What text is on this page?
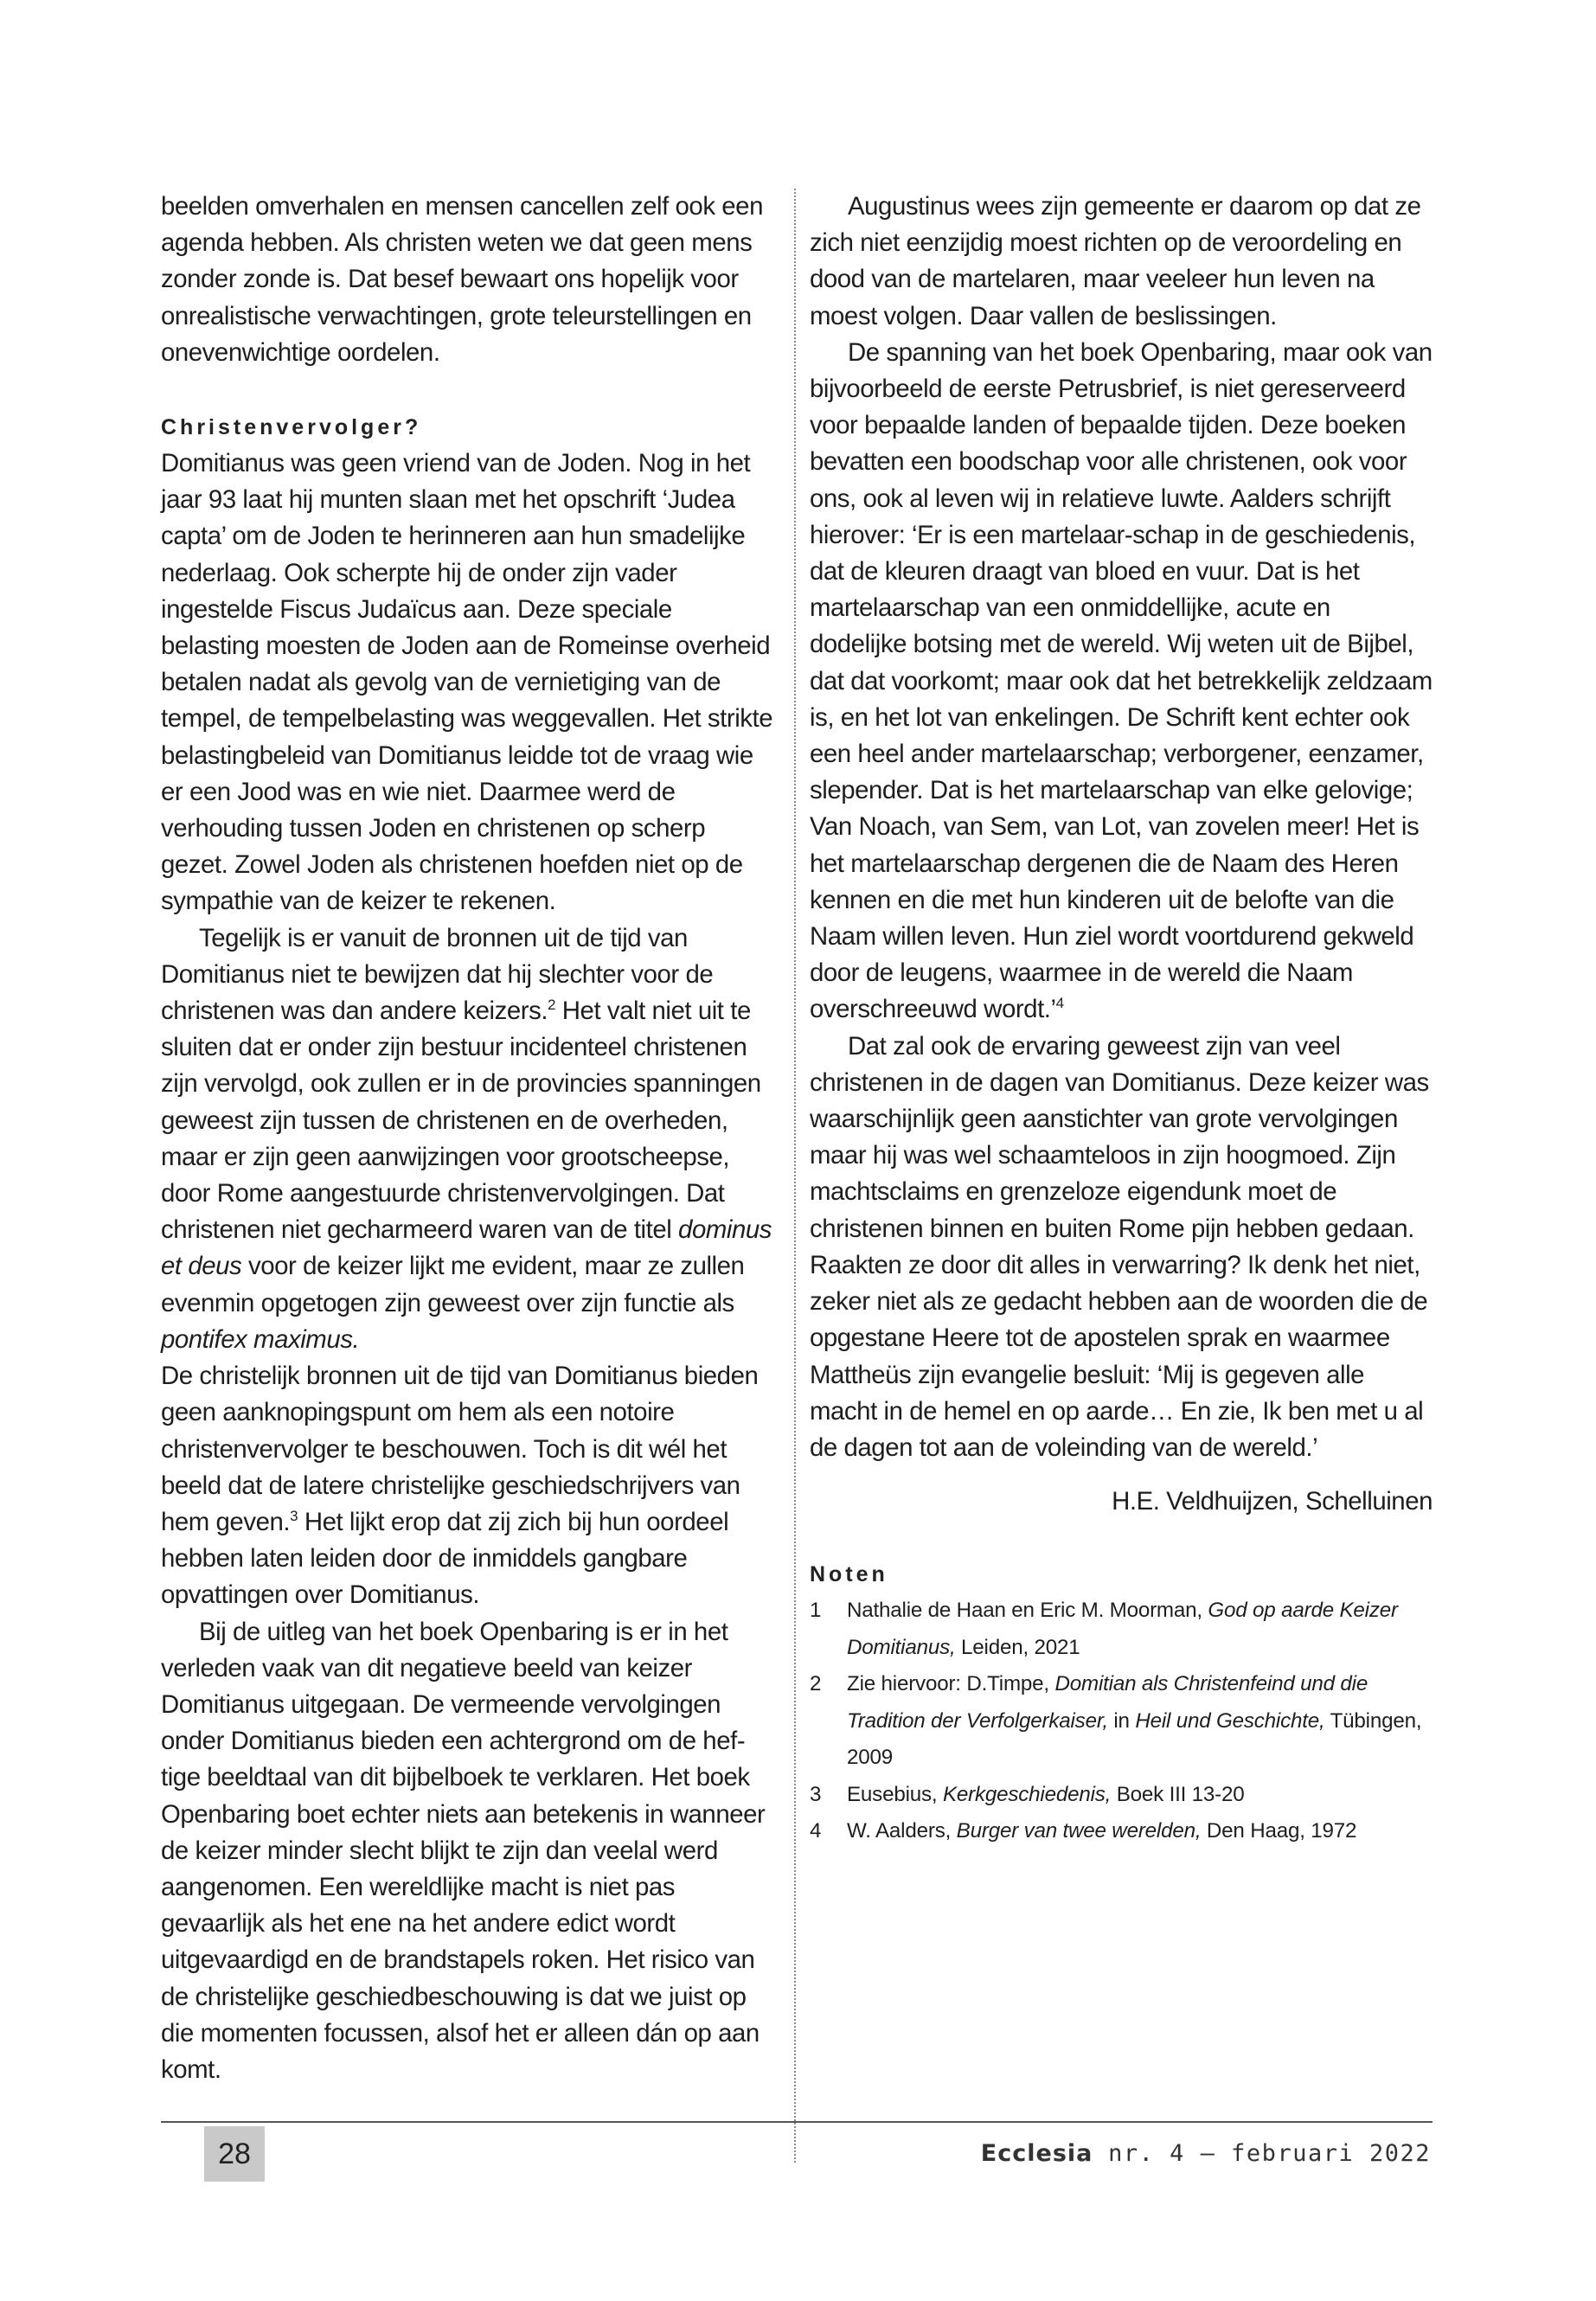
beelden omverhalen en mensen cancellen zelf ook een agenda hebben. Als christen weten we dat geen mens zonder zonde is. Dat besef bewaart ons hopelijk voor onrealistische verwachtingen, grote teleurstellingen en onevenwichtige oordelen.

Christenvervolger?

Domitianus was geen vriend van de Joden. Nog in het jaar 93 laat hij munten slaan met het opschrift ‘Judea capta’ om de Joden te herinneren aan hun smadelijke nederlaag. Ook scherpte hij de onder zijn vader ingestelde Fiscus Judaïcus aan. Deze speciale belasting moesten de Joden aan de Romeinse overheid betalen nadat als gevolg van de vernietiging van de tempel, de tempelbelasting was weggevallen. Het strikte belastingbeleid van Domitianus leidde tot de vraag wie er een Jood was en wie niet. Daarmee werd de verhouding tussen Joden en christenen op scherp gezet. Zowel Joden als christenen hoefden niet op de sympathie van de keizer te rekenen.

Tegelijk is er vanuit de bronnen uit de tijd van Domitianus niet te bewijzen dat hij slechter voor de christenen was dan andere keizers.$^2$ Het valt niet uit te sluiten dat er onder zijn bestuur incidenteel christenen zijn vervolgd, ook zullen er in de provincies spanningen geweest zijn tussen de christenen en de overheden, maar er zijn geen aanwijzingen voor grootscheepse, door Rome aangestuurde christenvervolgingen. Dat christenen niet gecharmeerd waren van de titel dominus et deus voor de keizer lijkt me evident, maar ze zullen evenmin opgetogen zijn geweest over zijn functie als pontifex maximus.

De christelijk bronnen uit de tijd van Domitianus bieden geen aanknopingspunt om hem als een notoire christenvervolger te beschouwen. Toch is dit wél het beeld dat de latere christelijke geschiedschrijvers van hem geven.$^3$ Het lijkt erop dat zij zich bij hun oordeel hebben laten leiden door de inmiddels gangbare opvattingen over Domitianus.

Bij de uitleg van het boek Openbaring is er in het verleden vaak van dit negatieve beeld van keizer Domitianus uitgegaan. De vermeende vervolgingen onder Domitianus bieden een achtergrond om de hef-tige beeldtaal van dit bijbelboek te verklaren. Het boek Openbaring boet echter niets aan betekenis in wanneer de keizer minder slecht blijkt te zijn dan veelal werd aangenomen. Een wereldlijke macht is niet pas gevaarlijk als het ene na het andere edict wordt uitgevaardigd en de brandstapels roken. Het risico van de christelijke geschiedbeschouwing is dat we juist op die momenten focussen, alsof het er alleen dán op aan komt.

Augustinus wees zijn gemeente er daarom op dat ze zich niet eenzijdig moest richten op de veroordeling en dood van de martelaren, maar veeleer hun leven na moest volgen. Daar vallen de beslissingen.

De spanning van het boek Openbaring, maar ook van bijvoorbeeld de eerste Petrusbrief, is niet gereserveerd voor bepaalde landen of bepaalde tijden. Deze boeken bevatten een boodschap voor alle christenen, ook voor ons, ook al leven wij in relatieve luwte. Aalders schrijft hierover: ‘Er is een martelaar-schap in de geschiedenis, dat de kleuren draagt van bloed en vuur. Dat is het martelaarschap van een onmiddellijke, acute en dodelijke botsing met de wereld. Wij weten uit de Bijbel, dat dat voorkomt; maar ook dat het betrekkelijk zeldzaam is, en het lot van enkelingen. De Schrift kent echter ook een heel ander martelaarschap; verborgener, eenzamer, slepender. Dat is het martelaarschap van elke gelovige; Van Noach, van Sem, van Lot, van zovelen meer! Het is het martelaarschap dergenen die de Naam des Heren kennen en die met hun kinderen uit de belofte van die Naam willen leven. Hun ziel wordt voortdurend gekweld door de leugens, waarmee in de wereld die Naam overschreeuwd wordt.’$^4$

Dat zal ook de ervaring geweest zijn van veel christenen in de dagen van Domitianus. Deze keizer was waarschijnlijk geen aanstichter van grote vervolgingen maar hij was wel schaamteloos in zijn hoogmoed. Zijn machtsclaims en grenzeloze eigendunk moet de christenen binnen en buiten Rome pijn hebben gedaan. Raakten ze door dit alles in verwarring? Ik denk het niet, zeker niet als ze gedacht hebben aan de woorden die de opgestane Heere tot de apostelen sprak en waarmee Mattheüs zijn evangelie besluit: ‘Mij is gegeven alle macht in de hemel en op aarde… En zie, Ik ben met u al de dagen tot aan de voleinding van de wereld.’

H.E. Veldhuijzen, Schelluinen

Noten

1	Nathalie de Haan en Eric M. Moorman, God op aarde Keizer Domitianus, Leiden, 2021
2	Zie hiervoor: D.Timpe, Domitian als Christenfeind und die Tradition der Verfolgerkaiser, in Heil und Geschichte, Tübingen, 2009
3	Eusebius, Kerkgeschiedenis, Boek III 13-20
4	W. Aalders, Burger van twee werelden, Den Haag, 1972
28	Ecclesia nr. 4 – februari 2022
